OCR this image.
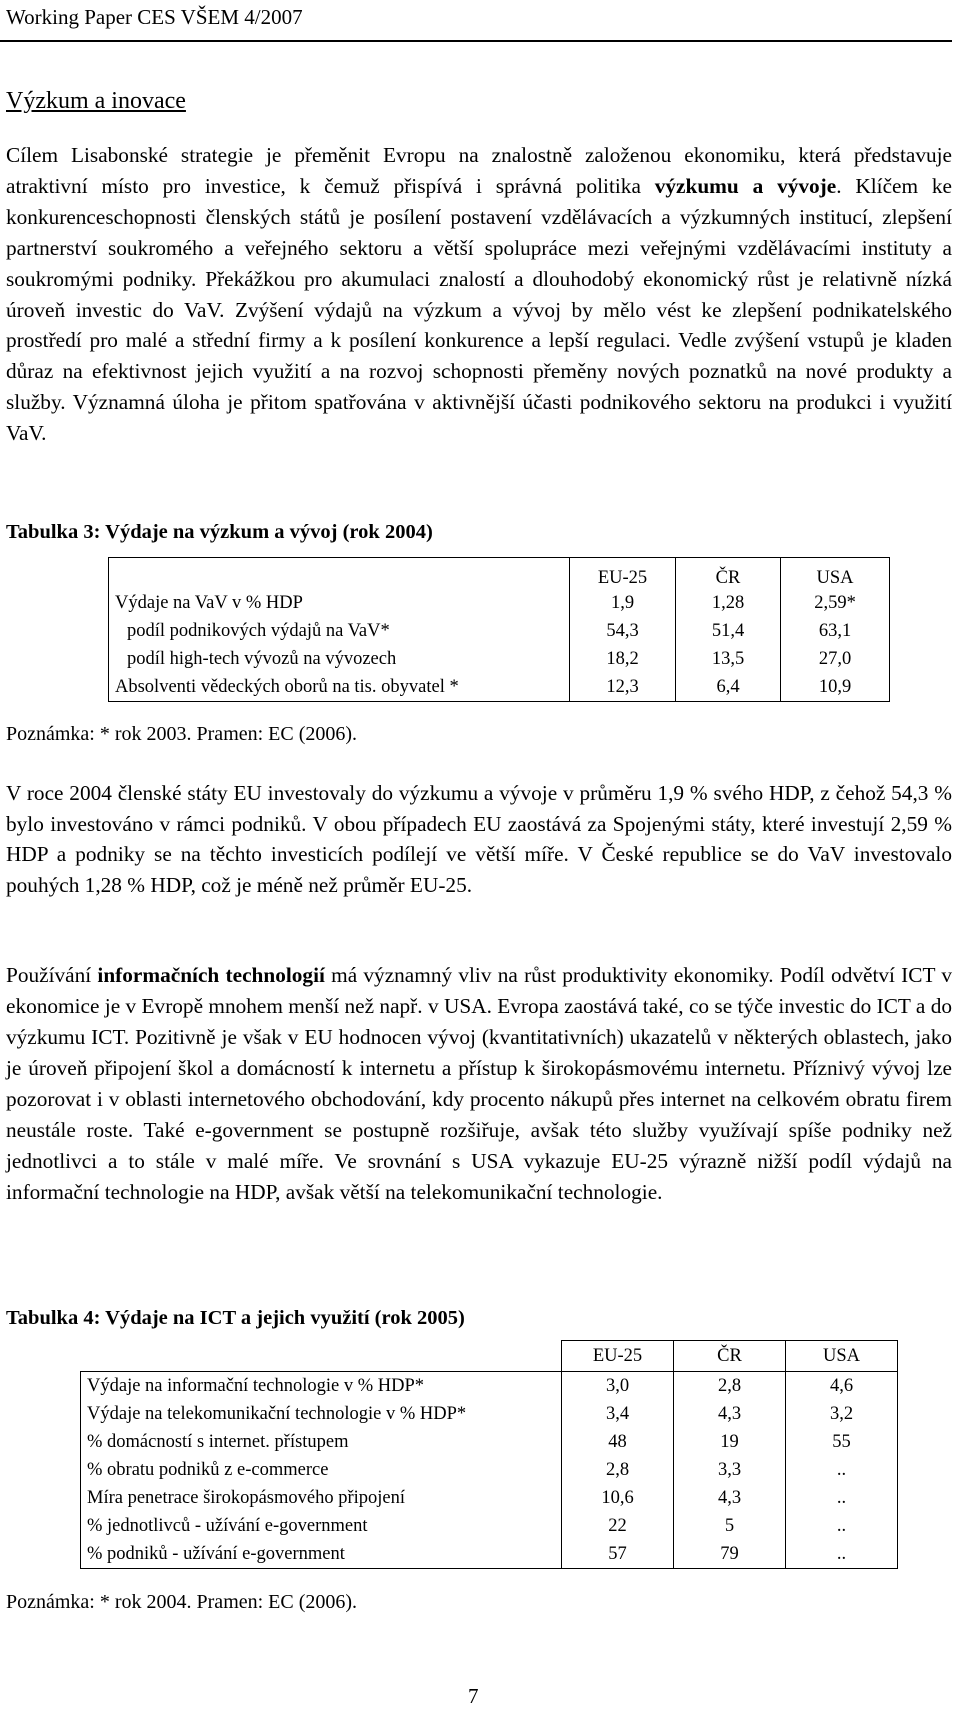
Working Paper CES VŠEM 4/2007
Výzkum a inovace

Cílem Lisabonské strategie je přeměnit Evropu na znalostně založenou ekonomiku, která představuje atraktivní místo pro investice, k čemuž přispívá i správná politika výzkumu a vývoje. Klíčem ke konkurenceschopnosti členských států je posílení postavení vzdělávacích a výzkumných institucí, zlepšení partnerství soukromého a veřejného sektoru a větší spolupráce mezi veřejnými vzdělávacími instituty a soukromými podniky. Překážkou pro akumulaci znalostí a dlouhodobý ekonomický růst je relativně nízká úroveň investic do VaV. Zvýšení výdajů na výzkum a vývoj by mělo vést ke zlepšení podnikatelského prostředí pro malé a střední firmy a k posílení konkurence a lepší regulaci. Vedle zvýšení vstupů je kladen důraz na efektivnost jejich využití a na rozvoj schopnosti přeměny nových poznatků na nové produkty a služby. Významná úloha je přitom spatřována v aktivnější účasti podnikového sektoru na produkci i využití VaV.

Tabulka 3: Výdaje na výzkum a vývoj (rok 2004)
	EU-25	ČR	USA
Výdaje na VaV v % HDP	1,9	1,28	2,59*
podíl podnikových výdajů na VaV*	54,3	51,4	63,1
podíl high-tech vývozů na vývozech	18,2	13,5	27,0
Absolventi vědeckých oborů na tis. obyvatel *	12,3	6,4	10,9
Poznámka: * rok 2003. Pramen: EC (2006).

V roce 2004 členské státy EU investovaly do výzkumu a vývoje v průměru 1,9 % svého HDP, z čehož 54,3 % bylo investováno v rámci podniků. V obou případech EU zaostává za Spojenými státy, které investují 2,59 % HDP a podniky se na těchto investicích podílejí ve větší míře. V České republice se do VaV investovalo pouhých 1,28 % HDP, což je méně než průměr EU-25.

Používání informačních technologií má významný vliv na růst produktivity ekonomiky. Podíl odvětví ICT v ekonomice je v Evropě mnohem menší než např. v USA. Evropa zaostává také, co se týče investic do ICT a do výzkumu ICT. Pozitivně je však v EU hodnocen vývoj (kvantitativních) ukazatelů v některých oblastech, jako je úroveň připojení škol a domácností k internetu a přístup k širokopásmovému internetu. Příznivý vývoj lze pozorovat i v oblasti internetového obchodování, kdy procento nákupů přes internet na celkovém obratu firem neustále roste. Také e-government se postupně rozšiřuje, avšak této služby využívají spíše podniky než jednotlivci a to stále v malé míře. Ve srovnání s USA vykazuje EU-25 výrazně nižší podíl výdajů na informační technologie na HDP, avšak větší na telekomunikační technologie.

Tabulka 4: Výdaje na ICT a jejich využití (rok 2005)
	EU-25	ČR	USA
Výdaje na informační technologie v % HDP*	3,0	2,8	4,6
Výdaje na telekomunikační technologie v % HDP*	3,4	4,3	3,2
% domácností s internet. přístupem	48	19	55
% obratu podniků z e-commerce	2,8	3,3	..
Míra penetrace širokopásmového připojení	10,6	4,3	..
% jednotlivců - užívání e-government	22	5	..
% podniků - užívání e-government	57	79	..
Poznámka: * rok 2004. Pramen: EC (2006).
7
